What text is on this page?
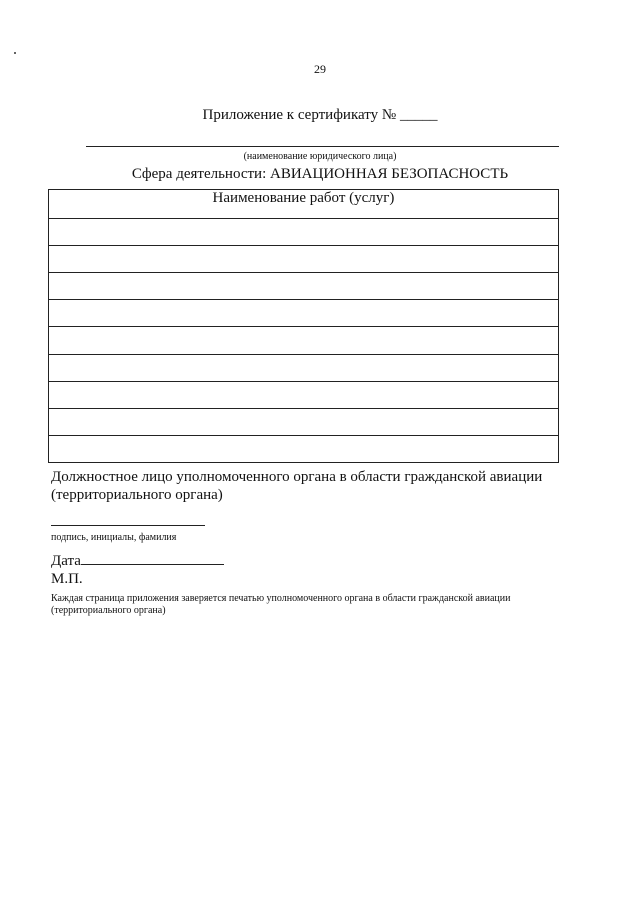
29
Приложение к сертификату № _____
(наименование юридического лица)
Сфера деятельности: АВИАЦИОННАЯ БЕЗОПАСНОСТЬ
Наименование работ (услуг)

Должностное лицо уполномоченного органа в области гражданской авиации (территориального органа)
подпись, инициалы, фамилия
Дата
М.П.
Каждая страница приложения заверяется печатью уполномоченного органа в области гражданской авиации (территориального органа)
